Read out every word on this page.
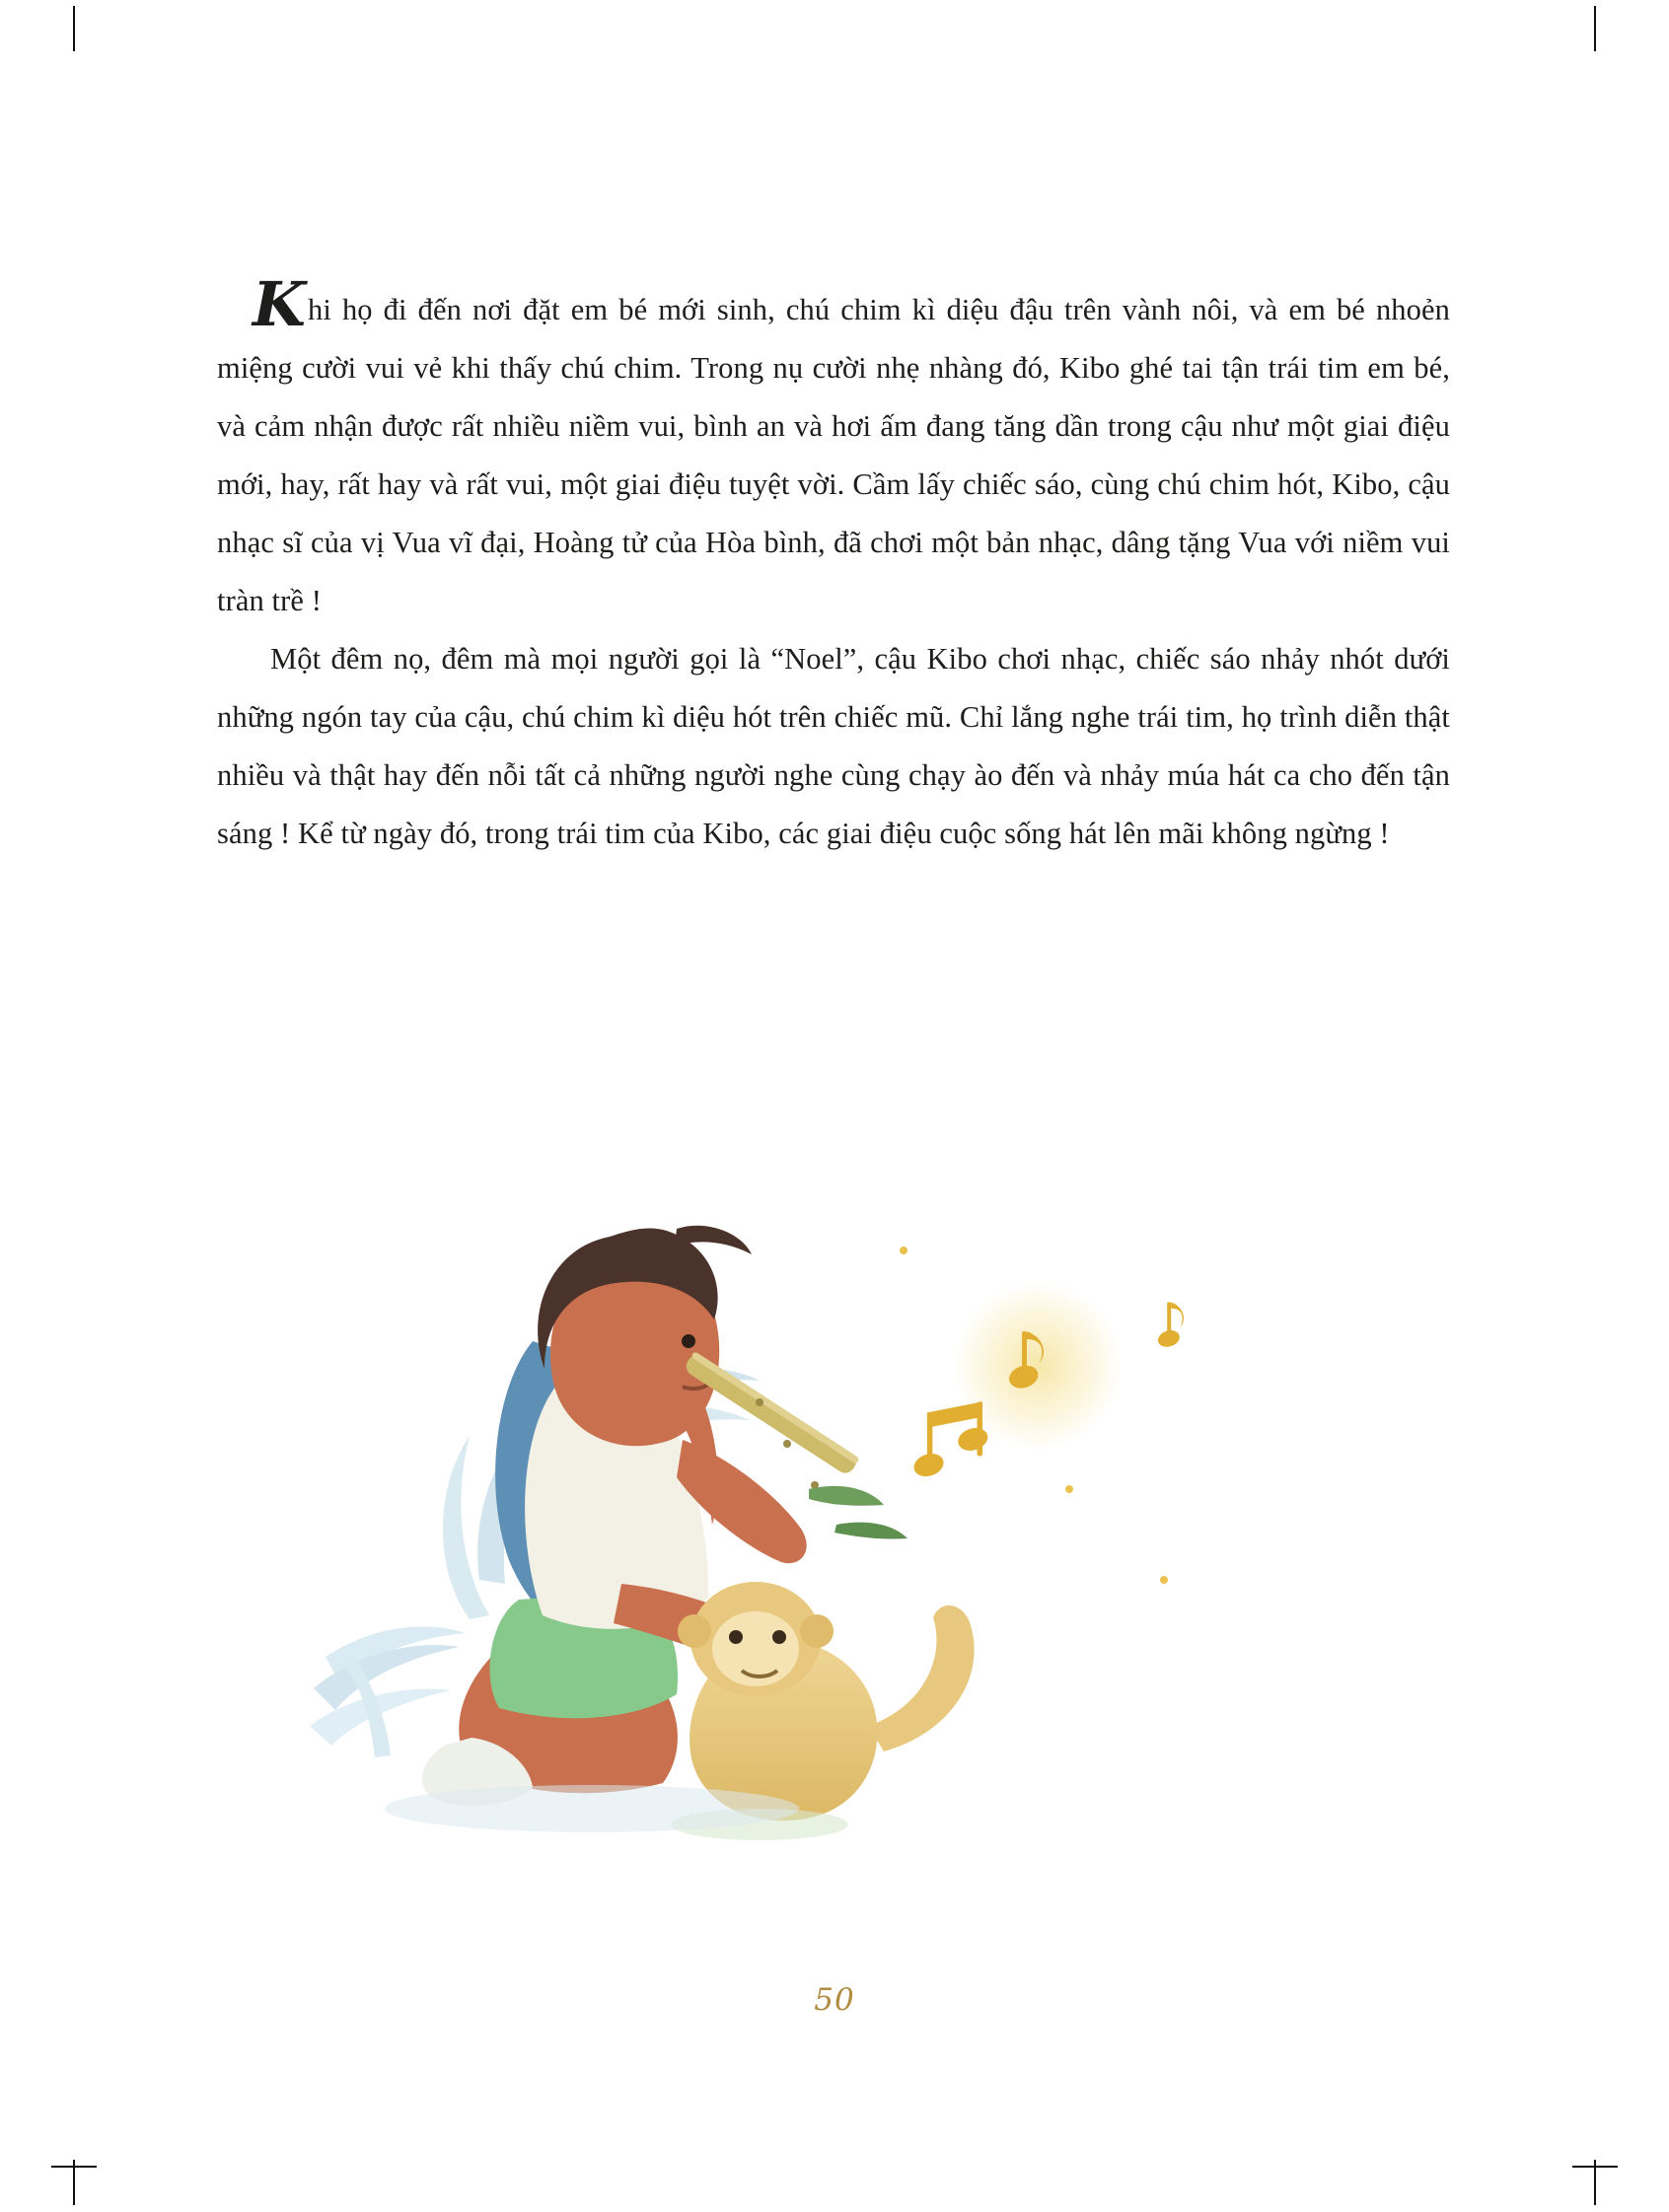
Khi họ đi đến nơi đặt em bé mới sinh, chú chim kì diệu đậu trên vành nôi, và em bé nhoẻn miệng cười vui vẻ khi thấy chú chim. Trong nụ cười nhẹ nhàng đó, Kibo ghé tai tận trái tim em bé, và cảm nhận được rất nhiều niềm vui, bình an và hơi ấm đang tăng dần trong cậu như một giai điệu mới, hay, rất hay và rất vui, một giai điệu tuyệt vời. Cầm lấy chiếc sáo, cùng chú chim hót, Kibo, cậu nhạc sĩ của vị Vua vĩ đại, Hoàng tử của Hòa bình, đã chơi một bản nhạc, dâng tặng Vua với niềm vui tràn trề !

Một đêm nọ, đêm mà mọi người gọi là “Noel”, cậu Kibo chơi nhạc, chiếc sáo nhảy nhót dưới những ngón tay của cậu, chú chim kì diệu hót trên chiếc mũ. Chỉ lắng nghe trái tim, họ trình diễn thật nhiều và thật hay đến nỗi tất cả những người nghe cùng chạy ào đến và nhảy múa hát ca cho đến tận sáng ! Kể từ ngày đó, trong trái tim của Kibo, các giai điệu cuộc sống hát lên mãi không ngừng !

50
